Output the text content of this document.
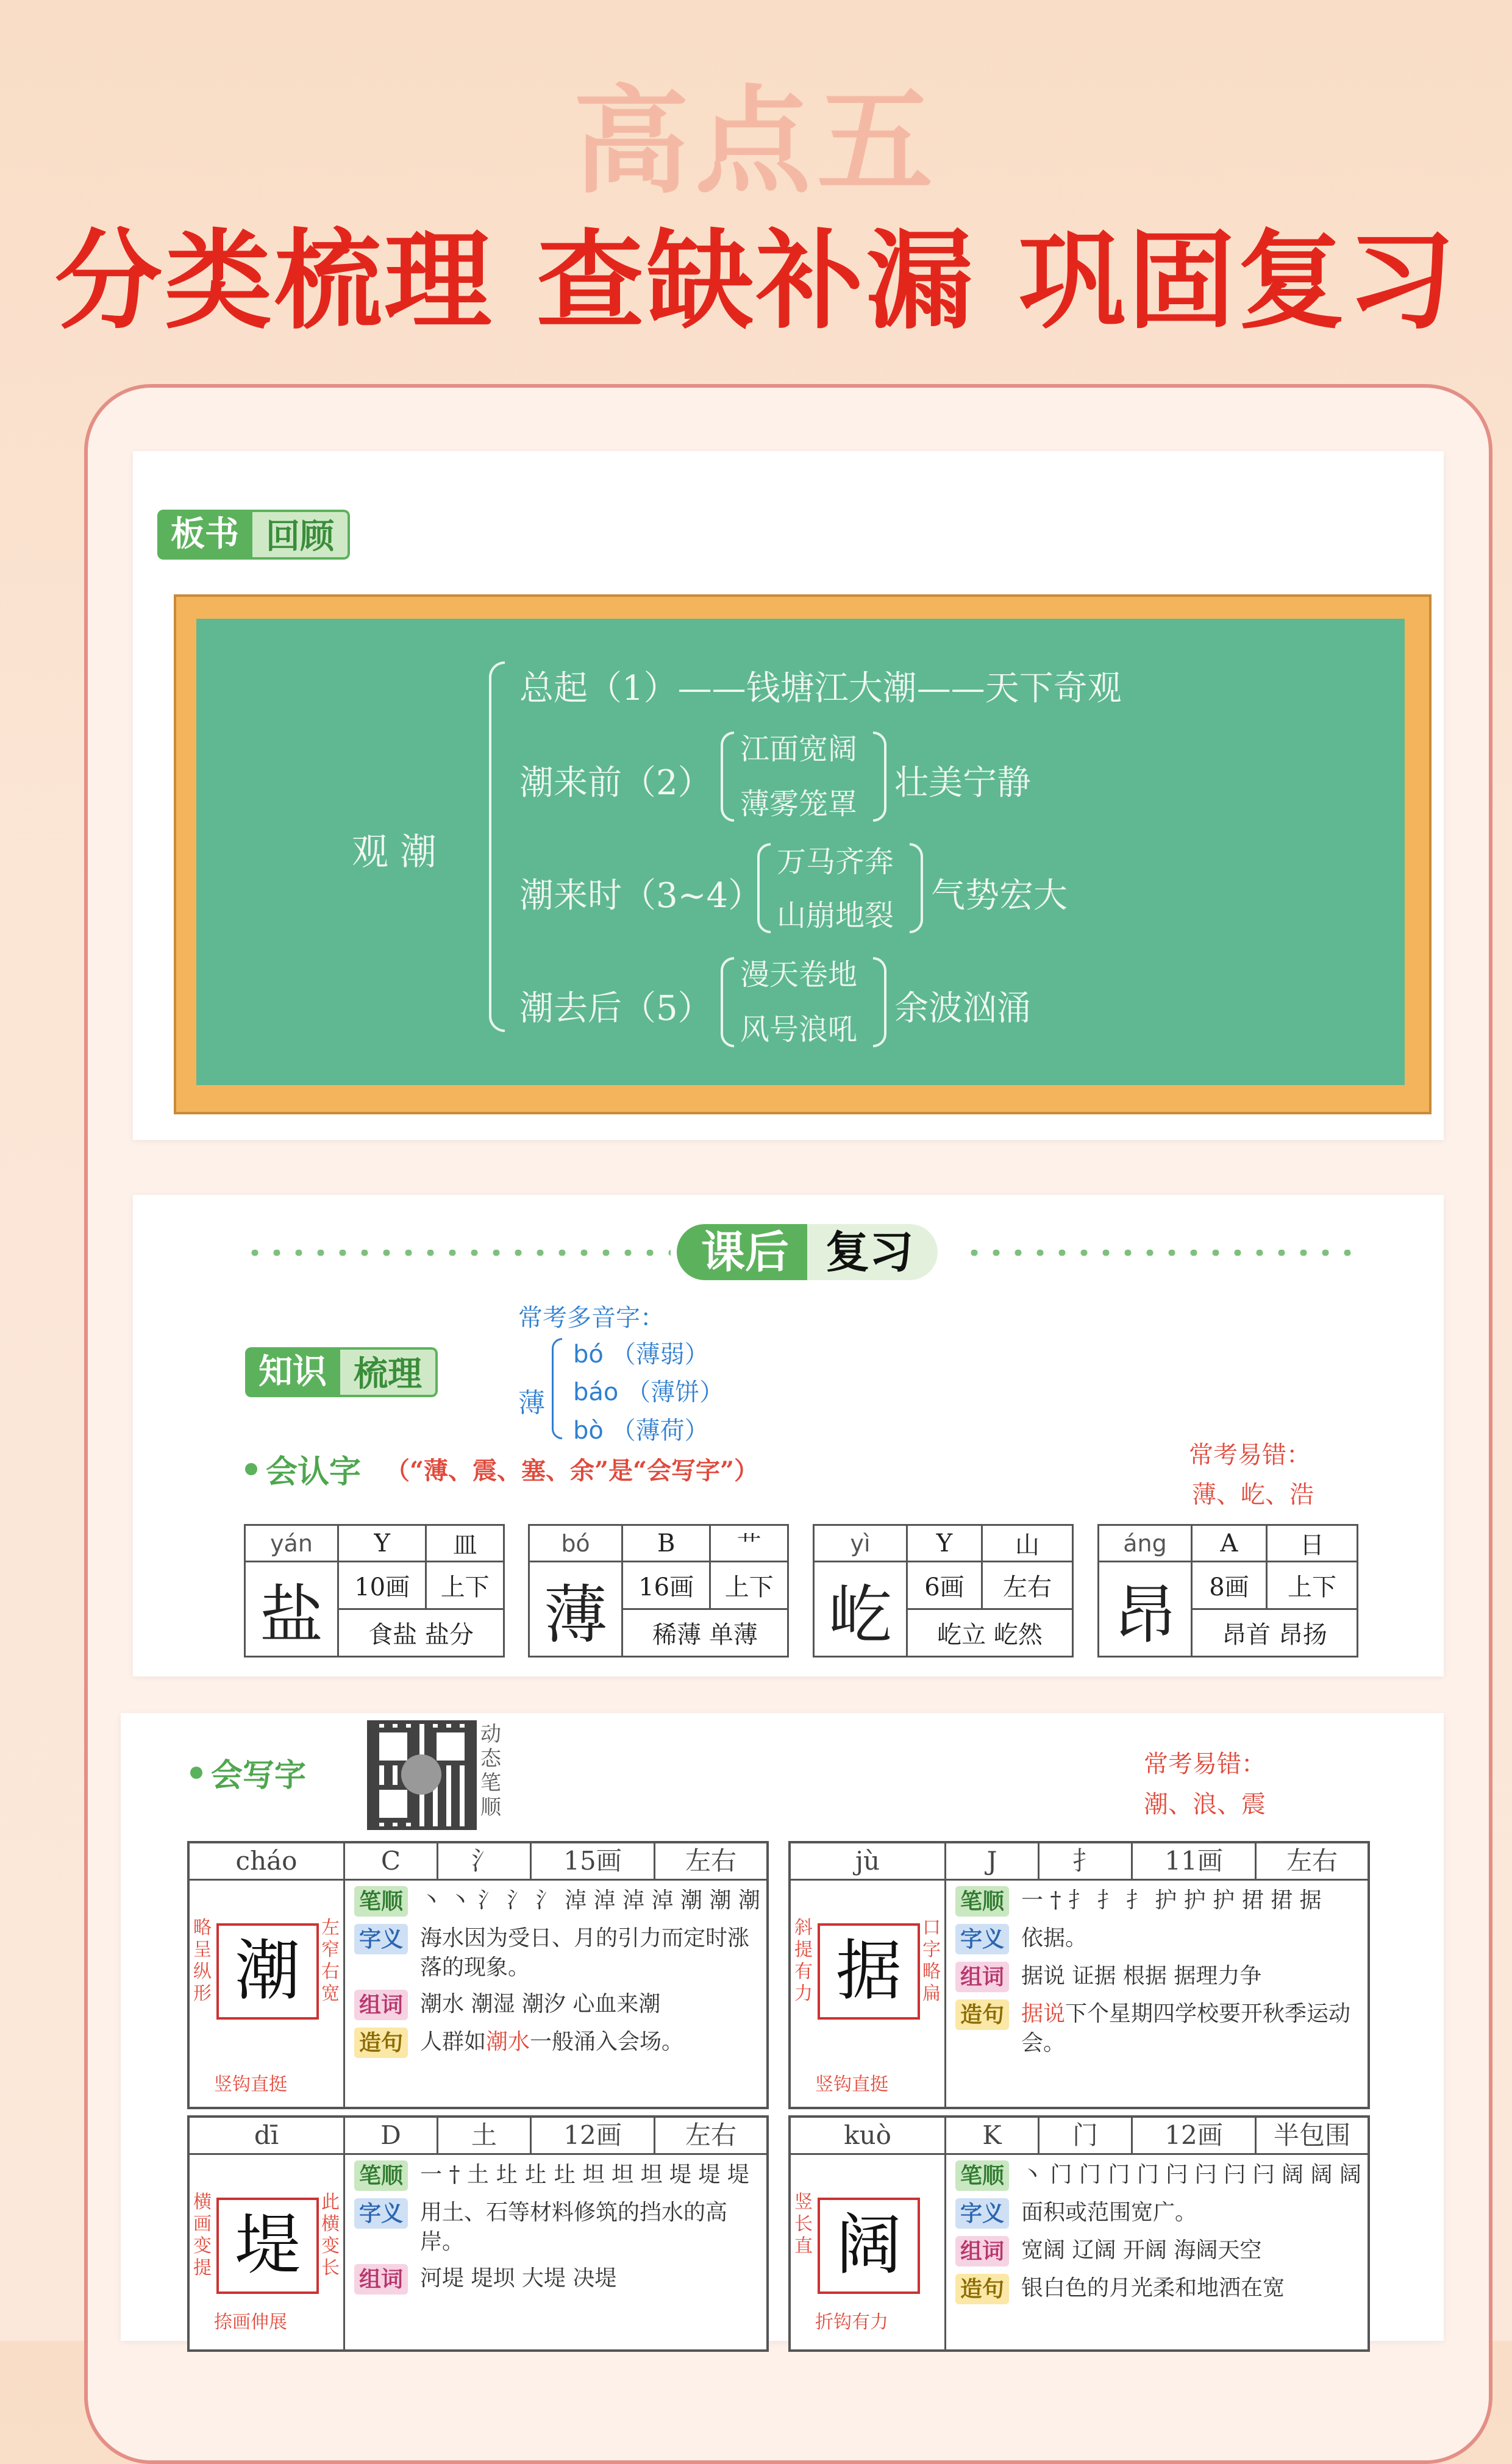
高点五
分类梳理 查缺补漏 巩固复习
板书 回顾
观 潮
总起（1）——钱塘江大潮——天下奇观
潮来前（2）
江面宽阔
薄雾笼罩
壮美宁静
潮来时（3~4）
万马齐奔
山崩地裂 气势宏大
潮去后（5）
漫天卷地
风号浪吼
余波汹涌
课后 复习
知识 梳理
常考多音字：
薄
bó （薄弱）
báo （薄饼）
bò （薄荷）
会认字 （“薄、震、塞、余”是“会写字”）
常考易错：
薄、屹、浩
yán	Y	皿
盐	10画	上下
	食盐 盐分	
bó	B	艹
薄	16画	上下
	稀薄 单薄	
yì	Y	山
屹	6画	左右
	屹立 屹然	
áng	A	日
昂	8画	上下
	昂首 昂扬	
会写字
动态笔顺
常考易错：
潮、浪、震
cháo	C	氵	15画	左右
略呈纵形 潮
左窄右宽
竖钩直挺
笔顺 丶 丶 氵 氵 氵 淖 淖 淖 淖 潮 潮 潮
字义 海水因为受日、月的引力而定时涨落的现象。
组词 潮水 潮湿 潮汐 心血来潮
造句 人群如潮水一般涌入会场。
jù	J	扌	11画	左右
斜提有力 据
口字略扁
竖钩直挺
笔顺 一 † 扌 扌 扌 护 护 护 捃 捃 据
字义 依据。
组词 据说 证据 根据 据理力争
造句 据说下个星期四学校要开秋季运动会。
dī	D	土	12画	左右
横画变提 堤
此横变长
捺画伸展
笔顺 一 † 土 圵 圵 圵 坦 坦 坦 堤 堤 堤
字义 用土、石等材料修筑的挡水的高岸。
组词 河堤 堤坝 大堤 决堤
kuò	K	门	12画	半包围
竖长直 阔
折钩有力
笔顺 丶 门 门 门 门 闩 闩 闩 闩 阔 阔 阔
字义 面积或范围宽广。
组词 宽阔 辽阔 开阔 海阔天空
造句 银白色的月光柔和地洒在宽
